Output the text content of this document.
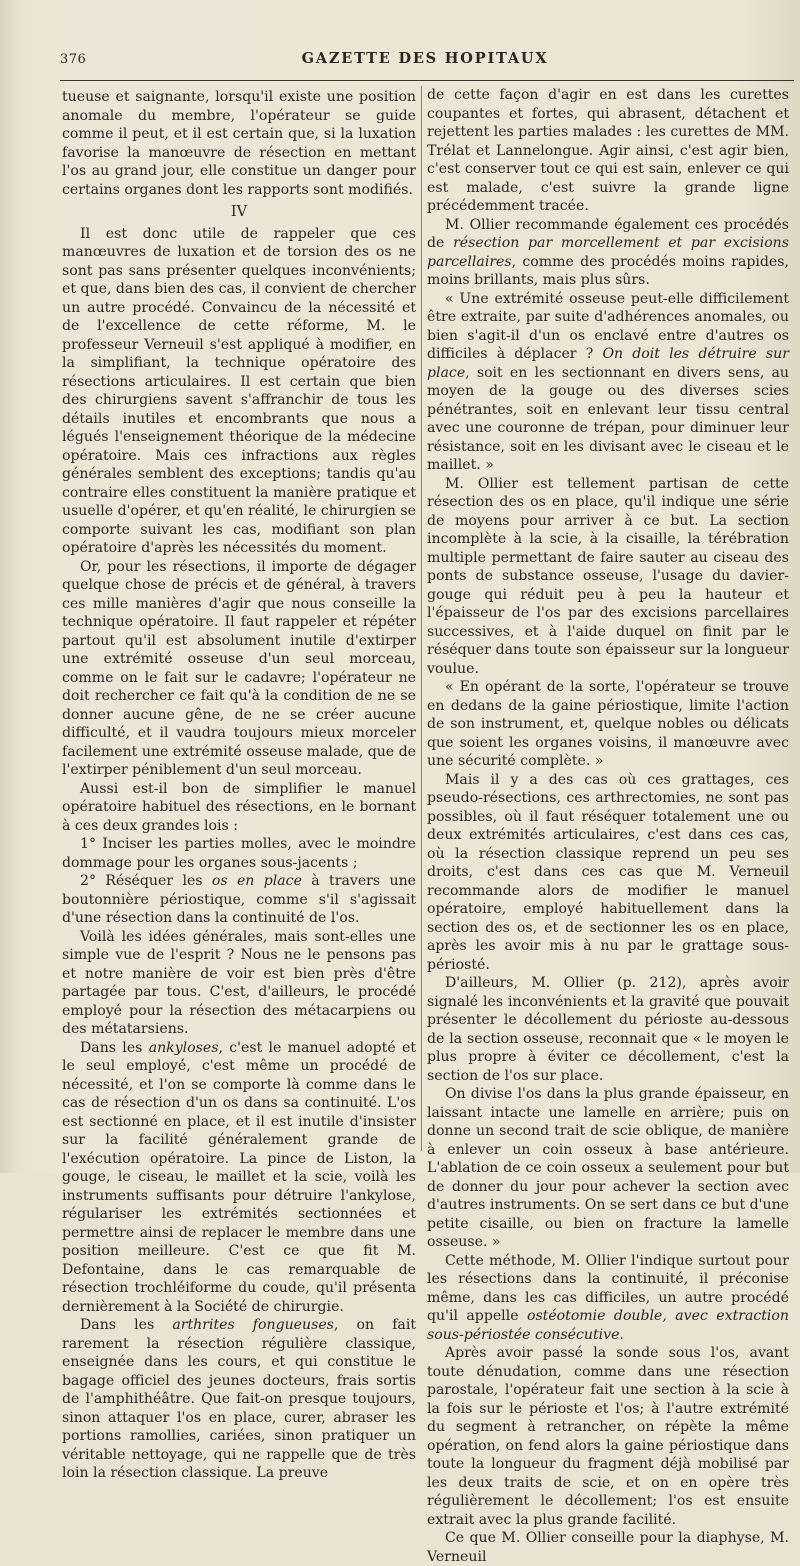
376	GAZETTE DES HOPITAUX

tueuse et saignante, lorsqu'il existe une position anomale du membre, l'opérateur se guide comme il peut, et il est certain que, si la luxation favorise la manœuvre de résection en mettant l'os au grand jour, elle constitue un danger pour certains organes dont les rapports sont modifiés.

IV

Il est donc utile de rappeler que ces manœuvres de luxation et de torsion des os ne sont pas sans présenter quelques inconvénients; et que, dans bien des cas, il convient de chercher un autre procédé. Convaincu de la nécessité et de l'excellence de cette réforme, M. le professeur Verneuil s'est appliqué à modifier, en la simplifiant, la technique opératoire des résections articulaires. Il est certain que bien des chirurgiens savent s'affranchir de tous les détails inutiles et encombrants que nous a légués l'enseignement théorique de la médecine opératoire. Mais ces infractions aux règles générales semblent des exceptions; tandis qu'au contraire elles constituent la manière pratique et usuelle d'opérer, et qu'en réalité, le chirurgien se comporte suivant les cas, modifiant son plan opératoire d'après les nécessités du moment.

Or, pour les résections, il importe de dégager quelque chose de précis et de général, à travers ces mille manières d'agir que nous conseille la technique opératoire. Il faut rappeler et répéter partout qu'il est absolument inutile d'extirper une extrémité osseuse d'un seul morceau, comme on le fait sur le cadavre; l'opérateur ne doit rechercher ce fait qu'à la condition de ne se donner aucune gêne, de ne se créer aucune difficulté, et il vaudra toujours mieux morceler facilement une extrémité osseuse malade, que de l'extirper péniblement d'un seul morceau.

Aussi est-il bon de simplifier le manuel opératoire habituel des résections, en le bornant à ces deux grandes lois :

1° Inciser les parties molles, avec le moindre dommage pour les organes sous-jacents ;

2° Réséquer les os en place à travers une boutonnière périostique, comme s'il s'agissait d'une résection dans la continuité de l'os.

Voilà les idées générales, mais sont-elles une simple vue de l'esprit ? Nous ne le pensons pas et notre manière de voir est bien près d'être partagée par tous. C'est, d'ailleurs, le procédé employé pour la résection des métacarpiens ou des métatarsiens.

Dans les ankyloses, c'est le manuel adopté et le seul employé, c'est même un procédé de nécessité, et l'on se comporte là comme dans le cas de résection d'un os dans sa continuité. L'os est sectionné en place, et il est inutile d'insister sur la facilité généralement grande de l'exécution opératoire. La pince de Liston, la gouge, le ciseau, le maillet et la scie, voilà les instruments suffisants pour détruire l'ankylose, régulariser les extrémités sectionnées et permettre ainsi de replacer le membre dans une position meilleure. C'est ce que fit M. Defontaine, dans le cas remarquable de résection trochléiforme du coude, qu'il présenta dernièrement à la Société de chirurgie.

Dans les arthrites fongueuses, on fait rarement la résection régulière classique, enseignée dans les cours, et qui constitue le bagage officiel des jeunes docteurs, frais sortis de l'amphithéâtre. Que fait-on presque toujours, sinon attaquer l'os en place, curer, abraser les portions ramollies, cariées, sinon pratiquer un véritable nettoyage, qui ne rappelle que de très loin la résection classique. La preuve

de cette façon d'agir en est dans les curettes coupantes et fortes, qui abrasent, détachent et rejettent les parties malades : les curettes de MM. Trélat et Lannelongue. Agir ainsi, c'est agir bien, c'est conserver tout ce qui est sain, enlever ce qui est malade, c'est suivre la grande ligne précédemment tracée.

M. Ollier recommande également ces procédés de résection par morcellement et par excisions parcellaires, comme des procédés moins rapides, moins brillants, mais plus sûrs.

« Une extrémité osseuse peut-elle difficilement être extraite, par suite d'adhérences anomales, ou bien s'agit-il d'un os enclavé entre d'autres os difficiles à déplacer ? On doit les détruire sur place, soit en les sectionnant en divers sens, au moyen de la gouge ou des diverses scies pénétrantes, soit en enlevant leur tissu central avec une couronne de trépan, pour diminuer leur résistance, soit en les divisant avec le ciseau et le maillet. »

M. Ollier est tellement partisan de cette résection des os en place, qu'il indique une série de moyens pour arriver à ce but. La section incomplète à la scie, à la cisaille, la térébration multiple permettant de faire sauter au ciseau des ponts de substance osseuse, l'usage du davier-gouge qui réduit peu à peu la hauteur et l'épaisseur de l'os par des excisions parcellaires successives, et à l'aide duquel on finit par le réséquer dans toute son épaisseur sur la longueur voulue.

« En opérant de la sorte, l'opérateur se trouve en dedans de la gaine périostique, limite l'action de son instrument, et, quelque nobles ou délicats que soient les organes voisins, il manœuvre avec une sécurité complète. »

Mais il y a des cas où ces grattages, ces pseudo-résections, ces arthrectomies, ne sont pas possibles, où il faut réséquer totalement une ou deux extrémités articulaires, c'est dans ces cas, où la résection classique reprend un peu ses droits, c'est dans ces cas que M. Verneuil recommande alors de modifier le manuel opératoire, employé habituellement dans la section des os, et de sectionner les os en place, après les avoir mis à nu par le grattage sous-périosté.

D'ailleurs, M. Ollier (p. 212), après avoir signalé les inconvénients et la gravité que pouvait présenter le décollement du périoste au-dessous de la section osseuse, reconnait que « le moyen le plus propre à éviter ce décollement, c'est la section de l'os sur place.

On divise l'os dans la plus grande épaisseur, en laissant intacte une lamelle en arrière; puis on donne un second trait de scie oblique, de manière à enlever un coin osseux à base antérieure. L'ablation de ce coin osseux a seulement pour but de donner du jour pour achever la section avec d'autres instruments. On se sert dans ce but d'une petite cisaille, ou bien on fracture la lamelle osseuse. »

Cette méthode, M. Ollier l'indique surtout pour les résections dans la continuité, il préconise même, dans les cas difficiles, un autre procédé qu'il appelle ostéotomie double, avec extraction sous-périostée consécutive.

Après avoir passé la sonde sous l'os, avant toute dénudation, comme dans une résection parostale, l'opérateur fait une section à la scie à la fois sur le périoste et l'os; à l'autre extrémité du segment à retrancher, on répète la même opération, on fend alors la gaine périostique dans toute la longueur du fragment déjà mobilisé par les deux traits de scie, et on en opère très régulièrement le décollement; l'os est ensuite extrait avec la plus grande facilité.

Ce que M. Ollier conseille pour la diaphyse, M. Verneuil
